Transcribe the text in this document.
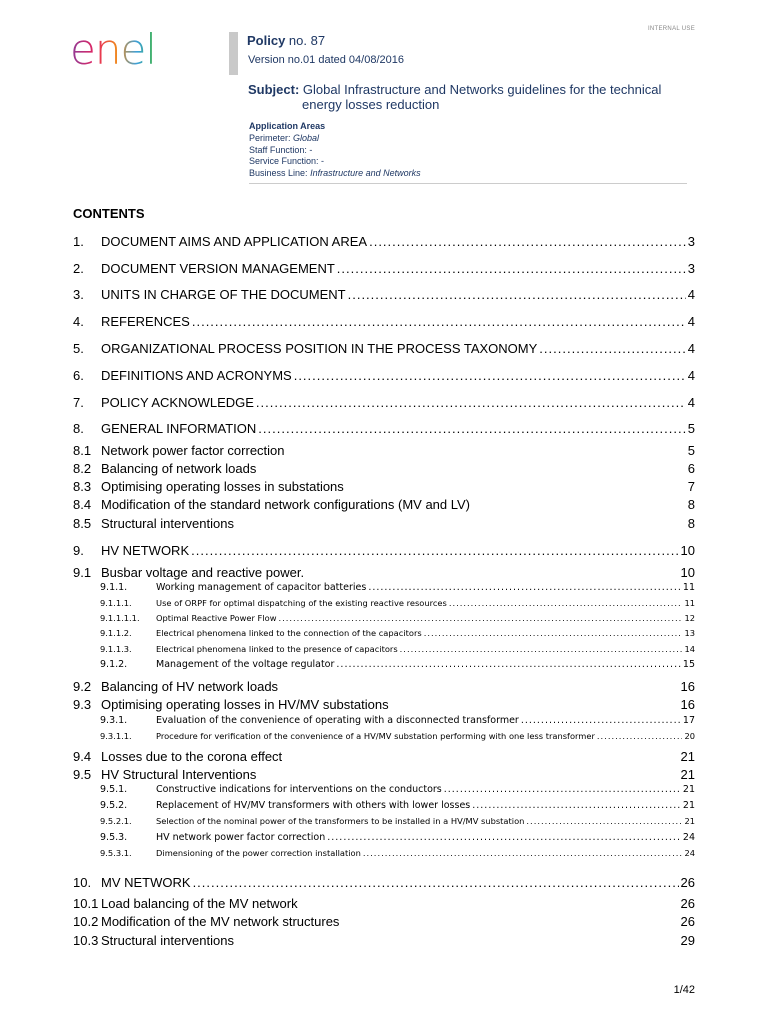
INTERNAL USE
enel	Policy no. 87
Version no.01 dated 04/08/2016
Subject: Global Infrastructure and Networks guidelines for the technical
energy losses reduction
Application Areas
Perimeter: Global
Staff Function: -
Service Function: -
Business Line: Infrastructure and Networks
CONTENTS
1.	DOCUMENT AIMS AND APPLICATION AREA .....	3
2.	DOCUMENT VERSION MANAGEMENT .....	3
3.	UNITS IN CHARGE OF THE DOCUMENT .....	4
4.	REFERENCES .....	4
5.	ORGANIZATIONAL PROCESS POSITION IN THE PROCESS TAXONOMY .....	4
6.	DEFINITIONS AND ACRONYMS .....	4
7.	POLICY ACKNOWLEDGE .....	4
8.	GENERAL INFORMATION .....	5
8.1 Network power factor correction	5
8.2 Balancing of network loads	6
8.3 Optimising operating losses in substations	7
8.4 Modification of the standard network configurations (MV and LV)	8
8.5 Structural interventions	8
9.	HV NETWORK .....	10
9.1 Busbar voltage and reactive power.	10
9.1.1.	Working management of capacitor batteries .....	11
9.1.1.1.	Use of ORPF for optimal dispatching of the existing reactive resources .....	11
9.1.1.1.1.	Optimal Reactive Power Flow .....	12
9.1.1.2.	Electrical phenomena linked to the connection of the capacitors .....	13
9.1.1.3.	Electrical phenomena linked to the presence of capacitors .....	14
9.1.2.	Management of the voltage regulator .....	15
9.2 Balancing of HV network loads	16
9.3 Optimising operating losses in HV/MV substations	16
9.3.1.	Evaluation of the convenience of operating with a disconnected transformer .....	17
9.3.1.1.	Procedure for verification of the convenience of a HV/MV substation performing with one less transformer .....	20
9.4 Losses due to the corona effect	21
9.5 HV Structural Interventions	21
9.5.1.	Constructive indications for interventions on the conductors .....	21
9.5.2.	Replacement of HV/MV transformers with others with lower losses .....	21
9.5.2.1.	Selection of the nominal power of the transformers to be installed in a HV/MV substation .....	21
9.5.3.	HV network power factor correction .....	24
9.5.3.1.	Dimensioning of the power correction installation .....	24
10. MV NETWORK .....	26
10.1 Load balancing of the MV network	26
10.2 Modification of the MV network structures	26
10.3 Structural interventions	29
1/42
